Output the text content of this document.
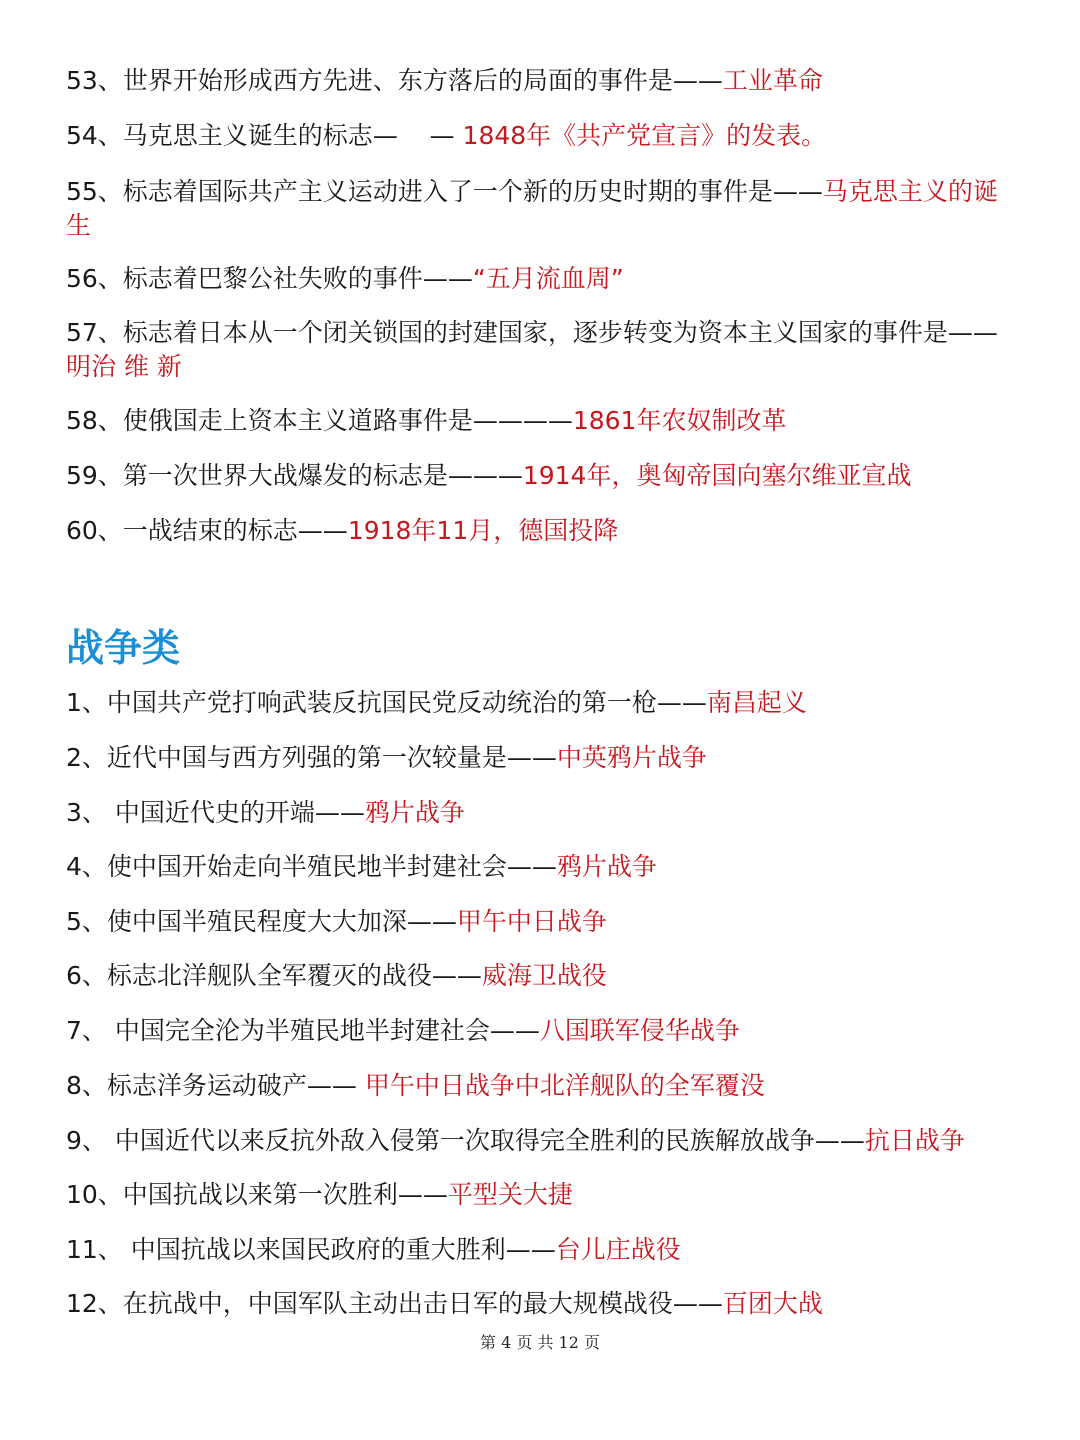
53、世界开始形成西方先进、东方落后的局面的事件是——工业革命
54、马克思主义诞生的标志—    — 1848年《共产党宣言》的发表。
55、标志着国际共产主义运动进入了一个新的历史时期的事件是——马克思主义的诞生
56、标志着巴黎公社失败的事件——“五月流血周”
57、标志着日本从一个闭关锁国的封建国家，逐步转变为资本主义国家的事件是——明治 维 新
58、使俄国走上资本主义道路事件是————1861年农奴制改革
59、第一次世界大战爆发的标志是———1914年，奥匈帝国向塞尔维亚宣战
60、一战结束的标志——1918年11月，德国投降
战争类
1、中国共产党打响武装反抗国民党反动统治的第一枪——南昌起义
2、近代中国与西方列强的第一次较量是——中英鸦片战争
3、 中国近代史的开端——鸦片战争
4、使中国开始走向半殖民地半封建社会——鸦片战争
5、使中国半殖民程度大大加深——甲午中日战争
6、标志北洋舰队全军覆灭的战役——威海卫战役
7、 中国完全沦为半殖民地半封建社会——八国联军侵华战争
8、标志洋务运动破产—— 甲午中日战争中北洋舰队的全军覆没
9、 中国近代以来反抗外敌入侵第一次取得完全胜利的民族解放战争——抗日战争
10、中国抗战以来第一次胜利——平型关大捷
11、 中国抗战以来国民政府的重大胜利——台儿庄战役
12、在抗战中，中国军队主动出击日军的最大规模战役——百团大战
第 4 页 共 12 页
